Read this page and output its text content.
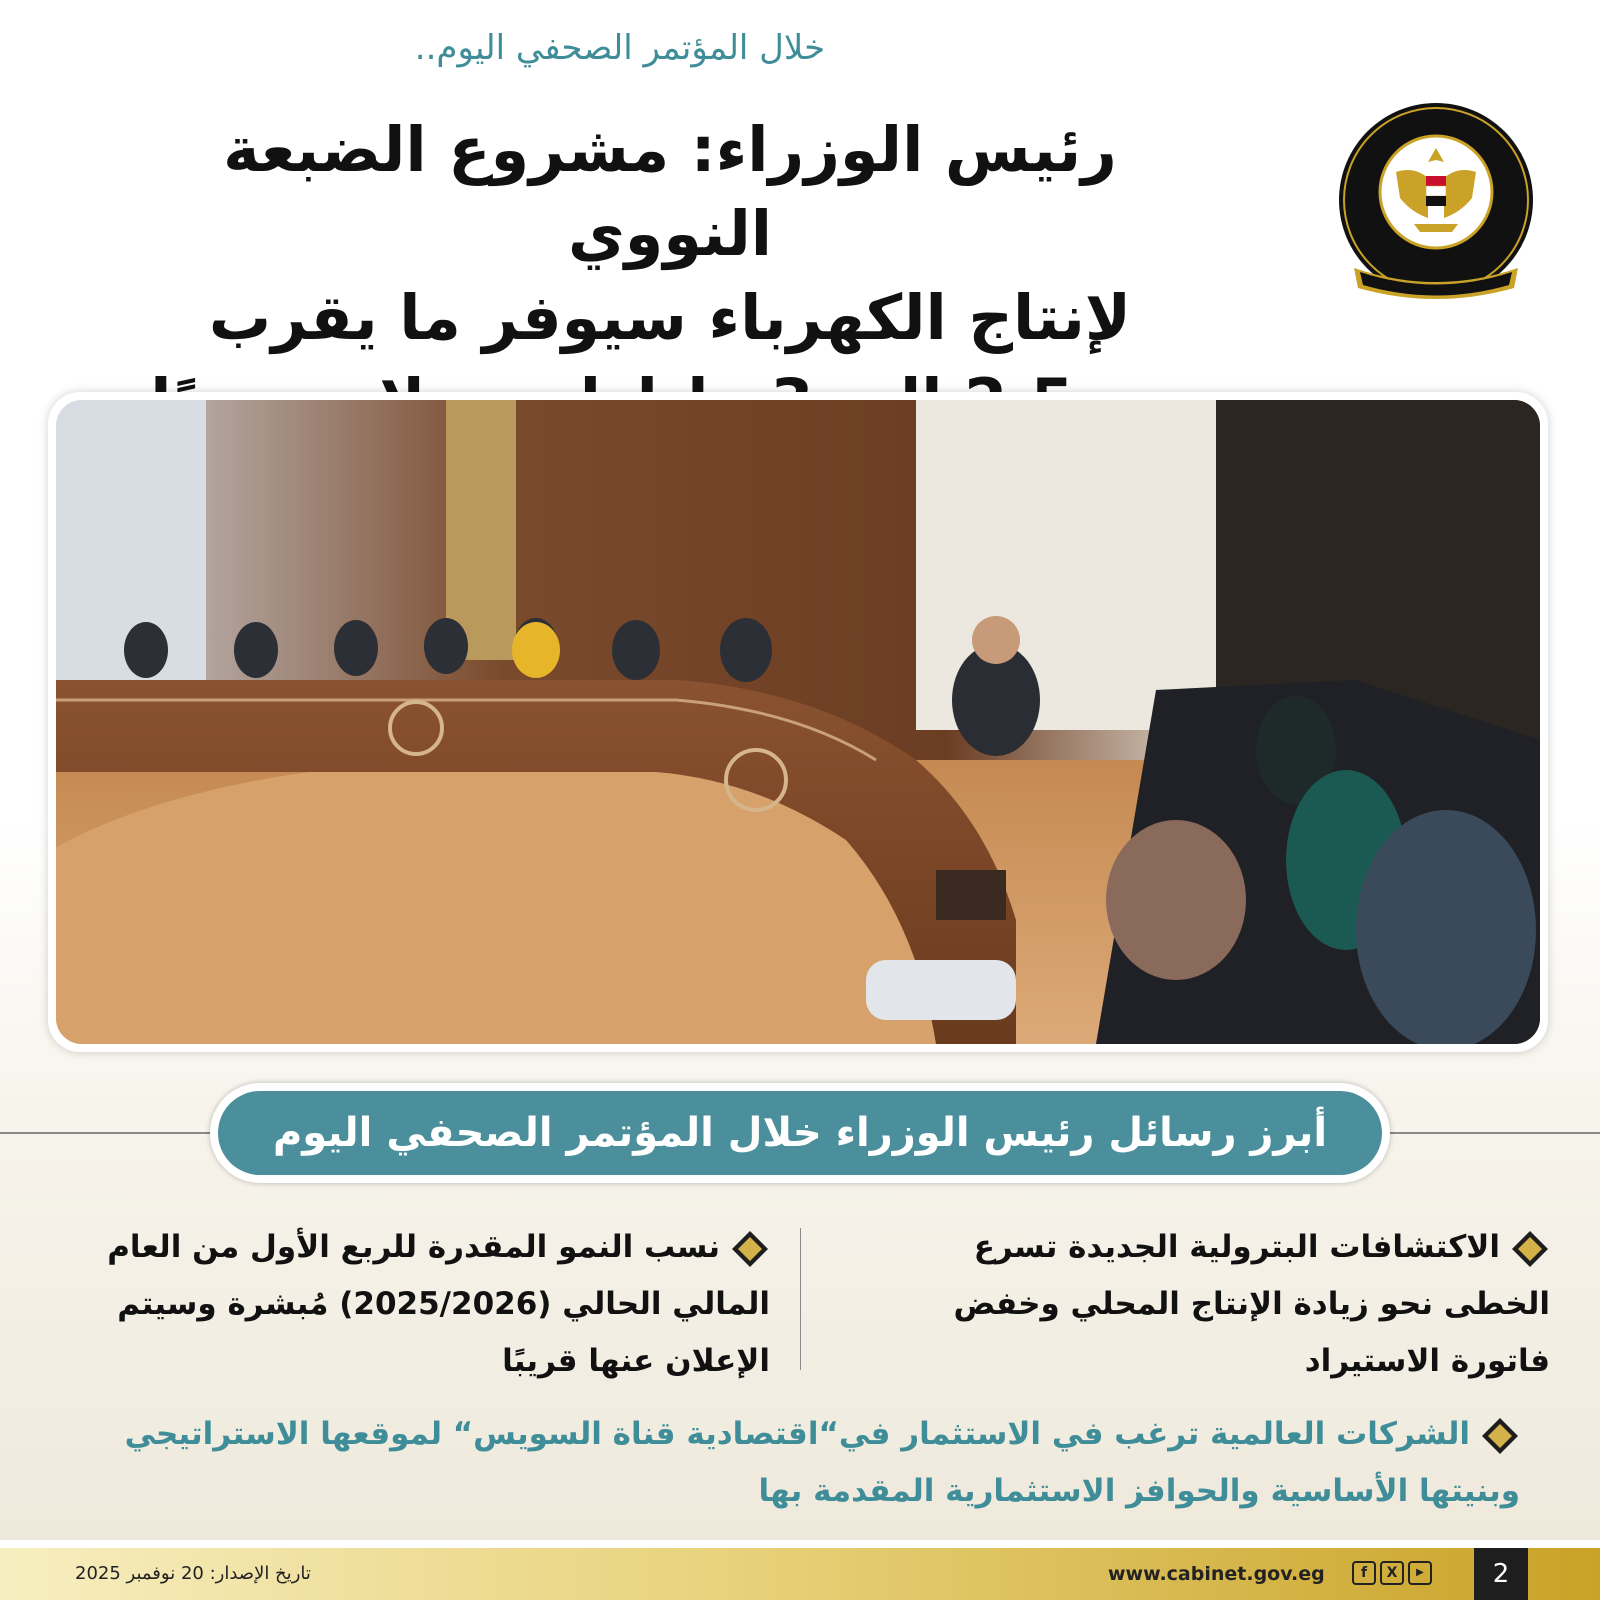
خلال المؤتمر الصحفي اليوم..
رئيس الوزراء: مشروع الضبعة النووي
لإنتاج الكهرباء سيوفر ما يقرب
أبرز رسائل رئيس الوزراء خلال المؤتمر الصحفي اليوم
الاكتشافات البترولية الجديدة تسرع الخطى نحو زيادة الإنتاج المحلي وخفض فاتورة الاستيراد
نسب النمو المقدرة للربع الأول من العام المالي الحالي (2025/2026) مُبشرة وسيتم الإعلان عنها قريبًا
الشركات العالمية ترغب في الاستثمار في“اقتصادية قناة السويس“ لموقعها الاستراتيجي وبنيتها الأساسية والحوافز الاستثمارية المقدمة بها
تاريخ الإصدار: 20 نوفمبر 2025	www.cabinet.gov.eg	f	X	▶	2
